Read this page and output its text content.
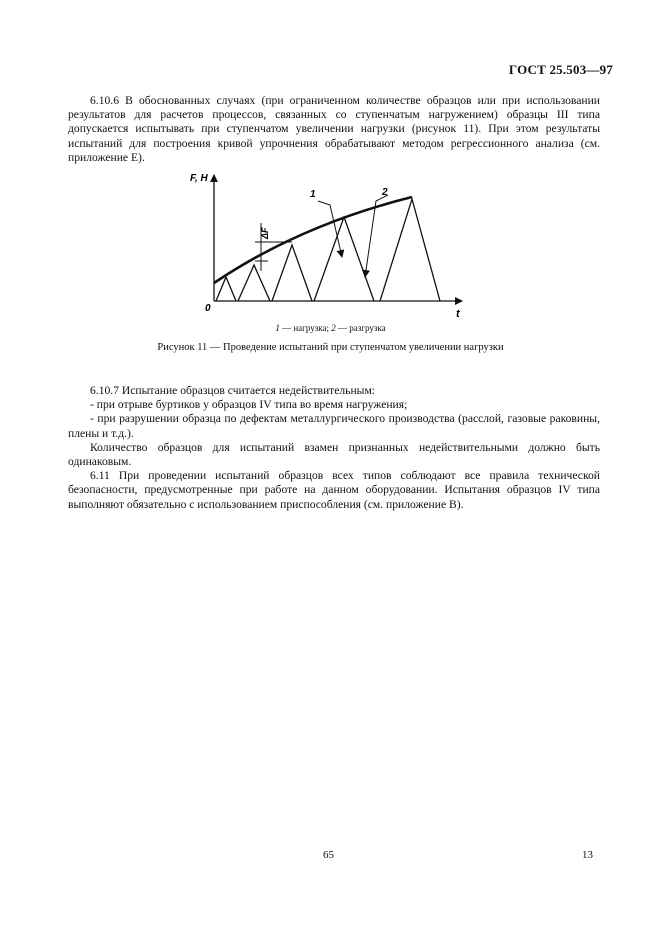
ГОСТ 25.503—97

6.10.6 В обоснованных случаях (при ограниченном количестве образцов или при использовании результатов для расчетов процессов, связанных со ступенчатым нагружением) образцы III типа допускается испытывать при ступенчатом увеличении нагрузки (рисунок 11). При этом результаты испытаний для построения кривой упрочнения обрабатывают методом регрессионного анализа (см. приложение Е).

F, Н
t
0
ΔF
1	2
1 — нагрузка; 2 — разгрузка
Рисунок 11 — Проведение испытаний при ступенчатом увеличении нагрузки

6.10.7 Испытание образцов считается недействительным:

- при отрыве буртиков у образцов IV типа во время нагружения;

- при разрушении образца по дефектам металлургического производства (расслой, газовые раковины, плены и т.д.).

Количество образцов для испытаний взамен признанных недействительными должно быть одинаковым.

6.11 При проведении испытаний образцов всех типов соблюдают все правила технической безопасности, предусмотренные при работе на данном оборудовании. Испытания образцов IV типа выполняют обязательно с использованием приспособления (см. приложение В).

65	13
